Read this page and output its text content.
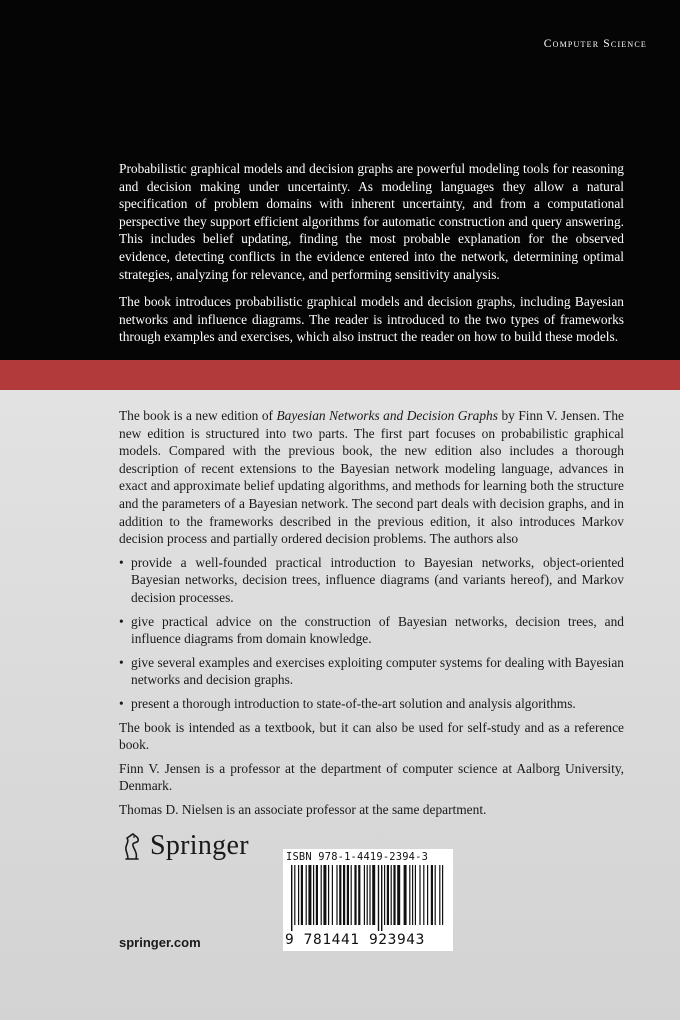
Computer Science

Probabilistic graphical models and decision graphs are powerful modeling tools for reasoning and decision making under uncertainty. As modeling languages they allow a natural specification of problem domains with inherent uncertainty, and from a computational perspective they support efficient algorithms for automatic construction and query answering. This includes belief updating, finding the most probable explanation for the observed evidence, detecting conflicts in the evidence entered into the network, determining optimal strategies, analyzing for relevance, and performing sensitivity analysis.

The book introduces probabilistic graphical models and decision graphs, including Bayesian networks and influence diagrams. The reader is introduced to the two types of frameworks through examples and exercises, which also instruct the reader on how to build these models.

The book is a new edition of Bayesian Networks and Decision Graphs by Finn V. Jensen. The new edition is structured into two parts. The first part focuses on probabilistic graphical models. Compared with the previous book, the new edition also includes a thorough description of recent extensions to the Bayesian network modeling language, advances in exact and approximate belief updating algorithms, and methods for learning both the structure and the parameters of a Bayesian network. The second part deals with decision graphs, and in addition to the frameworks described in the previous edition, it also introduces Markov decision process and partially ordered decision problems. The authors also

• provide a well-founded practical introduction to Bayesian networks, object-oriented Bayesian networks, decision trees, influence diagrams (and variants hereof), and Markov decision processes.
• give practical advice on the construction of Bayesian networks, decision trees, and influence diagrams from domain knowledge.
• give several examples and exercises exploiting computer systems for dealing with Bayesian networks and decision graphs.
• present a thorough introduction to state-of-the-art solution and analysis algorithms.

The book is intended as a textbook, but it can also be used for self-study and as a reference book.

Finn V. Jensen is a professor at the department of computer science at Aalborg University, Denmark.

Thomas D. Nielsen is an associate professor at the same department.

Springer
springer.com
ISBN 978-1-4419-2394-3
9 781441 923943
